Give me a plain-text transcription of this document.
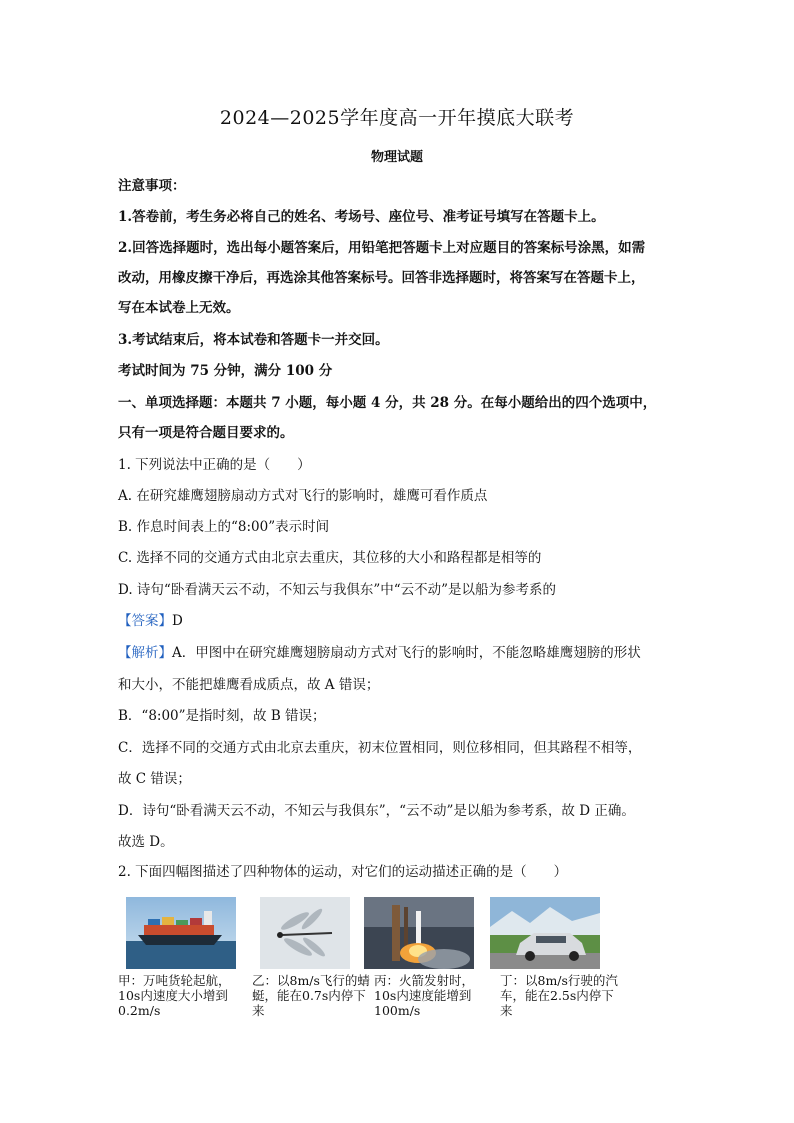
2024—2025学年度高一开年摸底大联考
物理试题
注意事项：
1.答卷前，考生务必将自己的姓名、考场号、座位号、准考证号填写在答题卡上。
2.回答选择题时，选出每小题答案后，用铅笔把答题卡上对应题目的答案标号涂黑，如需
改动，用橡皮擦干净后，再选涂其他答案标号。回答非选择题时，将答案写在答题卡上，
写在本试卷上无效。
3.考试结束后，将本试卷和答题卡一并交回。
考试时间为 75 分钟，满分 100 分
一、单项选择题：本题共 7 小题，每小题 4 分，共 28 分。在每小题给出的四个选项中，
只有一项是符合题目要求的。
1. 下列说法中正确的是（　　）
A. 在研究雄鹰翅膀扇动方式对飞行的影响时，雄鹰可看作质点
B. 作息时间表上的“8:00”表示时间
C. 选择不同的交通方式由北京去重庆，其位移的大小和路程都是相等的
D. 诗句“卧看满天云不动，不知云与我俱东”中“云不动”是以船为参考系的
【答案】D
【解析】A．甲图中在研究雄鹰翅膀扇动方式对飞行的影响时，不能忽略雄鹰翅膀的形状
和大小，不能把雄鹰看成质点，故 A 错误；
B．“8:00”是指时刻，故 B 错误；
C．选择不同的交通方式由北京去重庆，初末位置相同，则位移相同，但其路程不相等，
故 C 错误；
D．诗句“卧看满天云不动，不知云与我俱东”，“云不动”是以船为参考系，故 D 正确。
故选 D。
2. 下面四幅图描述了四种物体的运动，对它们的运动描述正确的是（　　）
甲：万吨货轮起航，10s内速度大小增到0.2m/s
乙：以8m/s飞行的蜻蜓，能在0.7s内停下来
丙：火箭发射时，10s内速度能增到100m/s
丁：以8m/s行驶的汽车，能在2.5s内停下来
